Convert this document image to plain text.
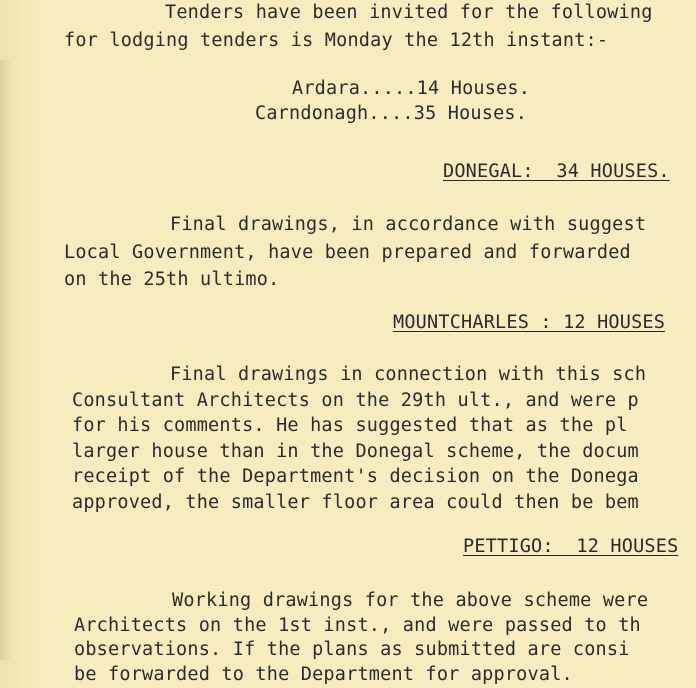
Tenders have been invited for the following
for lodging tenders is Monday the 12th instant:-
Ardara.....14 Houses.
Carndonagh....35 Houses.
DONEGAL:  34 HOUSES.
Final drawings, in accordance with suggest
Local Government, have been prepared and forwarded
on the 25th ultimo.
MOUNTCHARLES : 12 HOUSES
Final drawings in connection with this sch
Consultant Architects on the 29th ult., and were p
for his comments. He has suggested that as the pl
larger house than in the Donegal scheme, the docum
receipt of the Department's decision on the Donega
approved, the smaller floor area could then be bem
PETTIGO:  12 HOUSES
Working drawings for the above scheme were
Architects on the 1st inst., and were passed to th
observations. If the plans as submitted are consi
be forwarded to the Department for approval.
